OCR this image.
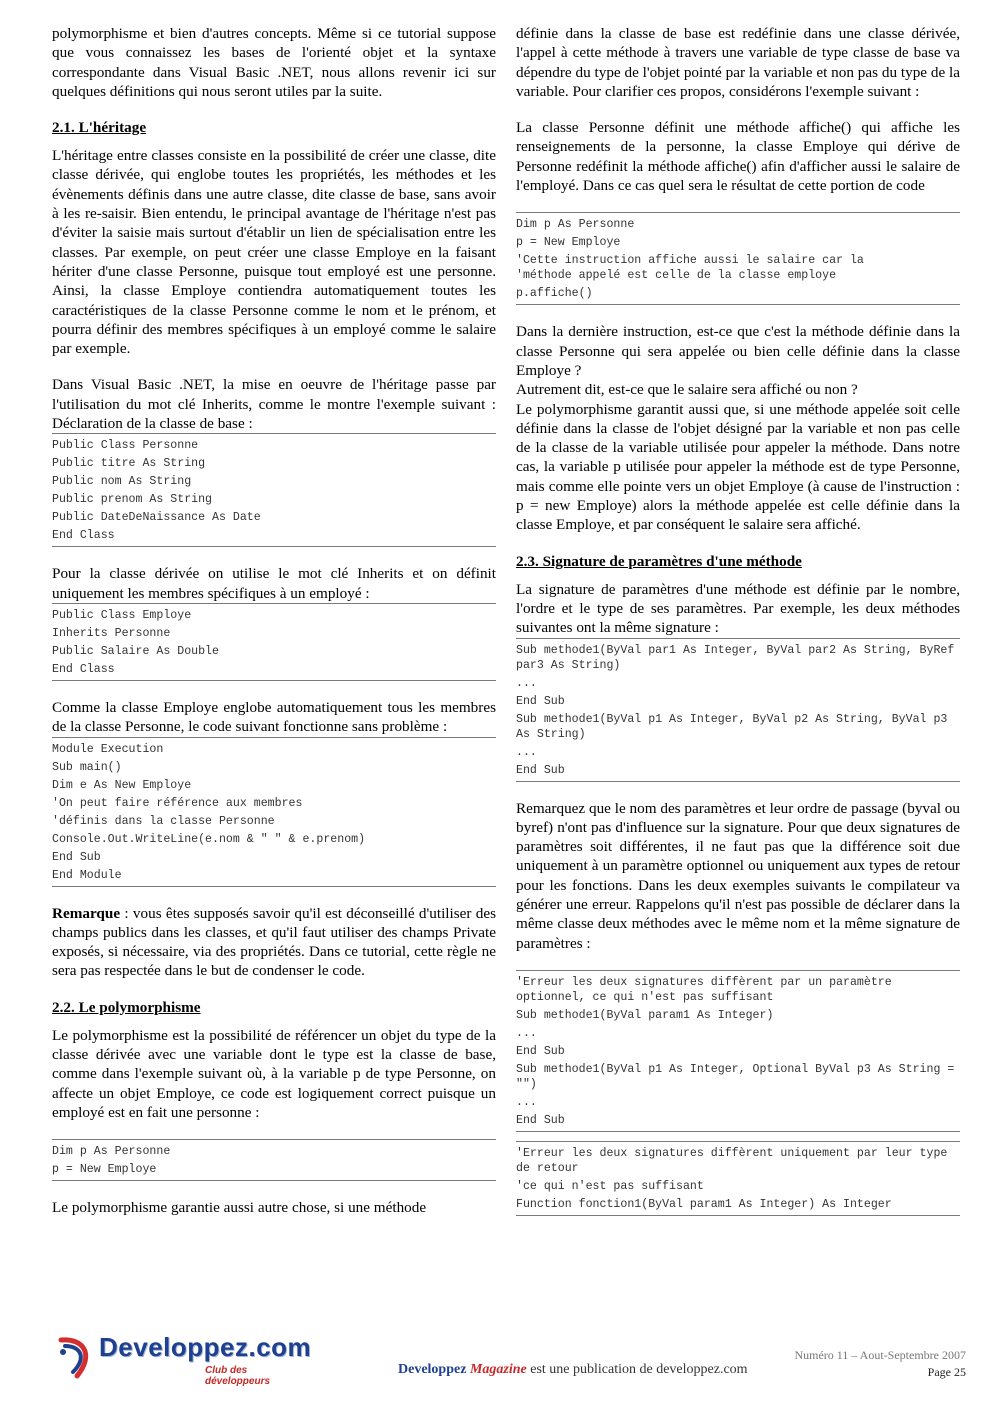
polymorphisme et bien d'autres concepts. Même si ce tutorial suppose que vous connaissez les bases de l'orienté objet et la syntaxe correspondante dans Visual Basic .NET, nous allons revenir ici sur quelques définitions qui nous seront utiles par la suite.

2.1. L'héritage

L'héritage entre classes consiste en la possibilité de créer une classe, dite classe dérivée, qui englobe toutes les propriétés, les méthodes et les évènements définis dans une autre classe, dite classe de base, sans avoir à les re-saisir. Bien entendu, le principal avantage de l'héritage n'est pas d'éviter la saisie mais surtout d'établir un lien de spécialisation entre les classes. Par exemple, on peut créer une classe Employe en la faisant hériter d'une classe Personne, puisque tout employé est une personne. Ainsi, la classe Employe contiendra automatiquement toutes les caractéristiques de la classe Personne comme le nom et le prénom, et pourra définir des membres spécifiques à un employé comme le salaire par exemple.

Dans Visual Basic .NET, la mise en oeuvre de l'héritage passe par l'utilisation du mot clé Inherits, comme le montre l'exemple suivant : Déclaration de la classe de base :

Public Class Personne
Public titre As String
Public nom As String
Public prenom As String
Public DateDeNaissance As Date
End Class

Pour la classe dérivée on utilise le mot clé Inherits et on définit uniquement les membres spécifiques à un employé :

Public Class Employe
Inherits Personne
Public Salaire As Double
End Class

Comme la classe Employe englobe automatiquement tous les membres de la classe Personne, le code suivant fonctionne sans problème :

Module Execution
Sub main()
Dim e As New Employe
'On peut faire référence aux membres
'définis dans la classe Personne
Console.Out.WriteLine(e.nom & " " & e.prenom)
End Sub
End Module

Remarque : vous êtes supposés savoir qu'il est déconseillé d'utiliser des champs publics dans les classes, et qu'il faut utiliser des champs Private exposés, si nécessaire, via des propriétés. Dans ce tutorial, cette règle ne sera pas respectée dans le but de condenser le code.

2.2. Le polymorphisme

Le polymorphisme est la possibilité de référencer un objet du type de la classe dérivée avec une variable dont le type est la classe de base, comme dans l'exemple suivant où, à la variable p de type Personne, on affecte un objet Employe, ce code est logiquement correct puisque un employé est en fait une personne :

Dim p As Personne
p = New Employe

Le polymorphisme garantie aussi autre chose, si une méthode

définie dans la classe de base est redéfinie dans une classe dérivée, l'appel à cette méthode à travers une variable de type classe de base va dépendre du type de l'objet pointé par la variable et non pas du type de la variable. Pour clarifier ces propos, considérons l'exemple suivant :

La classe Personne définit une méthode affiche() qui affiche les renseignements de la personne, la classe Employe qui dérive de Personne redéfinit la méthode affiche() afin d'afficher aussi le salaire de l'employé. Dans ce cas quel sera le résultat de cette portion de code

Dim p As Personne
p = New Employe
'Cette instruction affiche aussi le salaire car la
'méthode appelé est celle de la classe employe
p.affiche()

Dans la dernière instruction, est-ce que c'est la méthode définie dans la classe Personne qui sera appelée ou bien celle définie dans la classe Employe ?

Autrement dit, est-ce que le salaire sera affiché ou non ?

Le polymorphisme garantit aussi que, si une méthode appelée soit celle définie dans la classe de l'objet désigné par la variable et non pas celle de la classe de la variable utilisée pour appeler la méthode. Dans notre cas, la variable p utilisée pour appeler la méthode est de type Personne, mais comme elle pointe vers un objet Employe (à cause de l'instruction : p = new Employe) alors la méthode appelée est celle définie dans la classe Employe, et par conséquent le salaire sera affiché.

2.3. Signature de paramètres d'une méthode

La signature de paramètres d'une méthode est définie par le nombre, l'ordre et le type de ses paramètres. Par exemple, les deux méthodes suivantes ont la même signature :

Sub methode1(ByVal par1 As Integer, ByVal par2 As String, ByRef par3 As String)
...
End Sub
Sub methode1(ByVal p1 As Integer, ByVal p2 As String, ByVal p3 As String)
...
End Sub

Remarquez que le nom des paramètres et leur ordre de passage (byval ou byref) n'ont pas d'influence sur la signature. Pour que deux signatures de paramètres soit différentes, il ne faut pas que la différence soit due uniquement à un paramètre optionnel ou uniquement aux types de retour pour les fonctions. Dans les deux exemples suivants le compilateur va générer une erreur. Rappelons qu'il n'est pas possible de déclarer dans la même classe deux méthodes avec le même nom et la même signature de paramètres :

'Erreur les deux signatures diffèrent par un paramètre optionnel, ce qui n'est pas suffisant
Sub methode1(ByVal param1 As Integer)
...
End Sub
Sub methode1(ByVal p1 As Integer, Optional ByVal p3 As String = "")
...
End Sub
'Erreur les deux signatures diffèrent uniquement par leur type de retour
'ce qui n'est pas suffisant
Function fonction1(ByVal param1 As Integer) As Integer
Developpez.com
Club des développeurs
Developpez Magazine est une publication de developpez.com
Numéro 11 – Aout-Septembre 2007
Page 25
